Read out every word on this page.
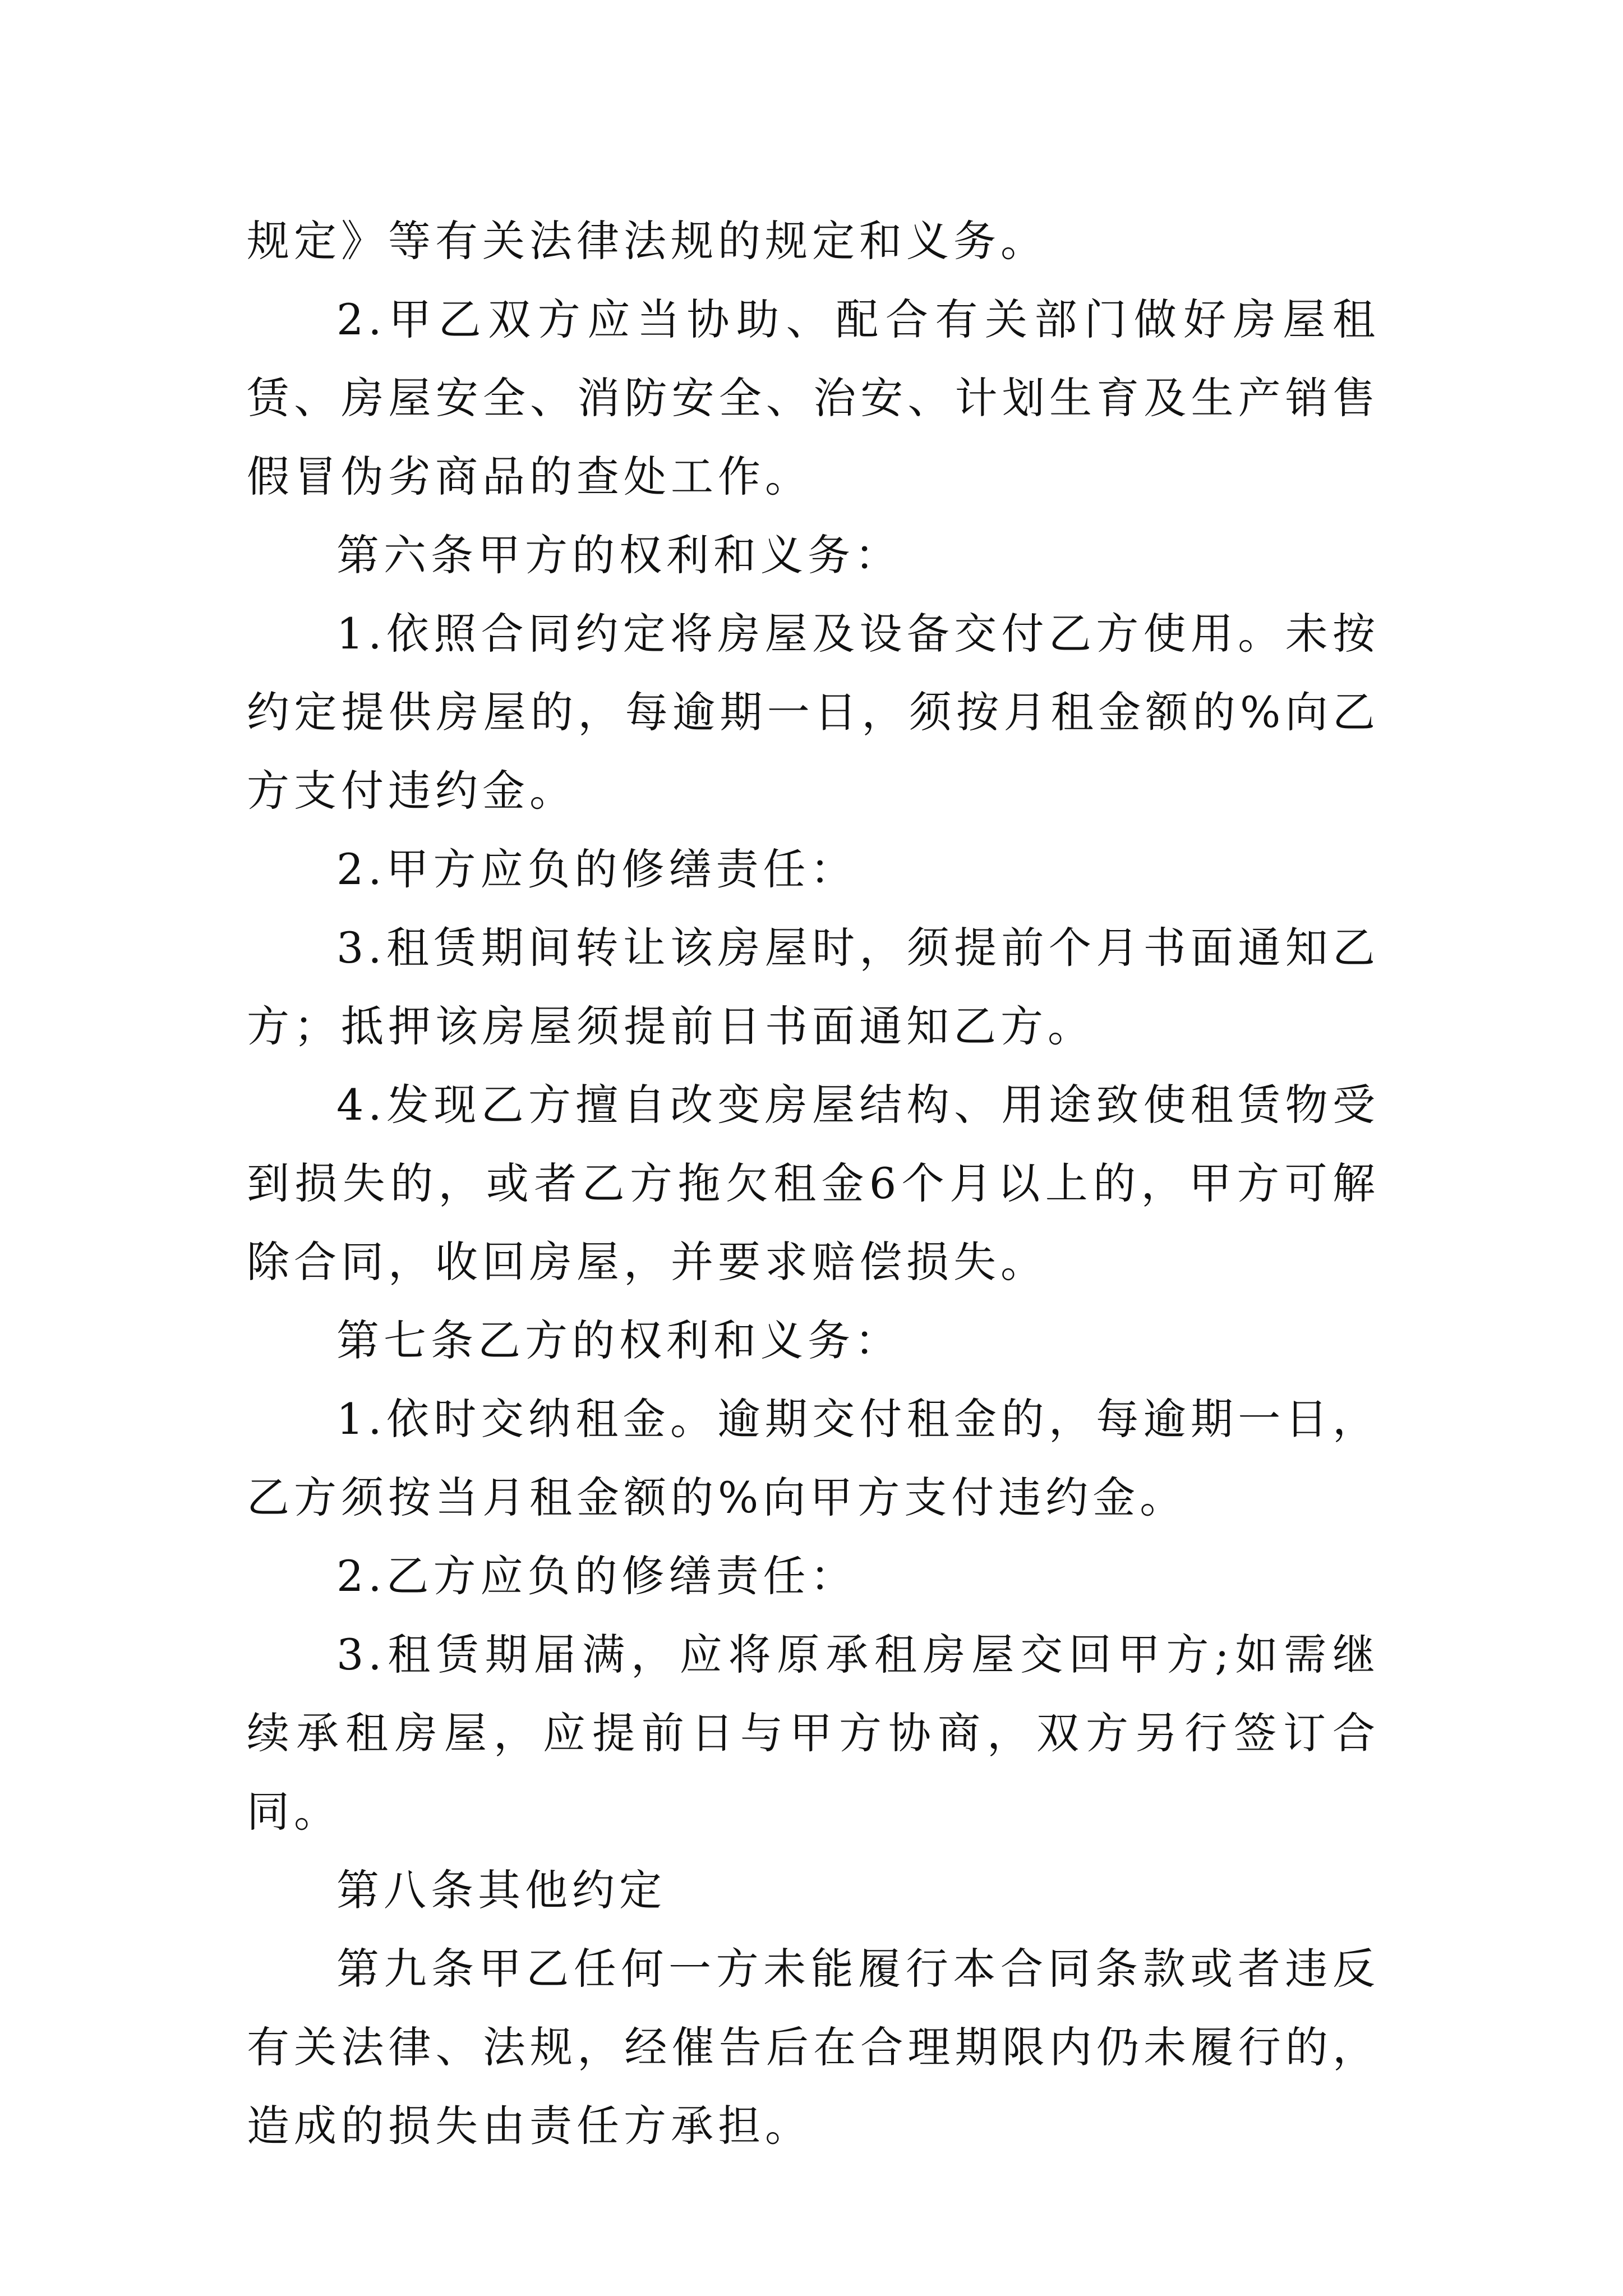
规定》等有关法律法规的规定和义务。

2.甲乙双方应当协助、配合有关部门做好房屋租赁、房屋安全、消防安全、治安、计划生育及生产销售假冒伪劣商品的查处工作。

第六条甲方的权利和义务：

1.依照合同约定将房屋及设备交付乙方使用。未按约定提供房屋的，每逾期一日，须按月租金额的%向乙方支付违约金。

2.甲方应负的修缮责任：

3.租赁期间转让该房屋时，须提前个月书面通知乙方；抵押该房屋须提前日书面通知乙方。

4.发现乙方擅自改变房屋结构、用途致使租赁物受到损失的，或者乙方拖欠租金6个月以上的，甲方可解除合同，收回房屋，并要求赔偿损失。

第七条乙方的权利和义务：

1.依时交纳租金。逾期交付租金的，每逾期一日，乙方须按当月租金额的%向甲方支付违约金。

2.乙方应负的修缮责任：

3.租赁期届满，应将原承租房屋交回甲方;如需继续承租房屋，应提前日与甲方协商，双方另行签订合同。

第八条其他约定

第九条甲乙任何一方未能履行本合同条款或者违反有关法律、法规，经催告后在合理期限内仍未履行的，造成的损失由责任方承担。
